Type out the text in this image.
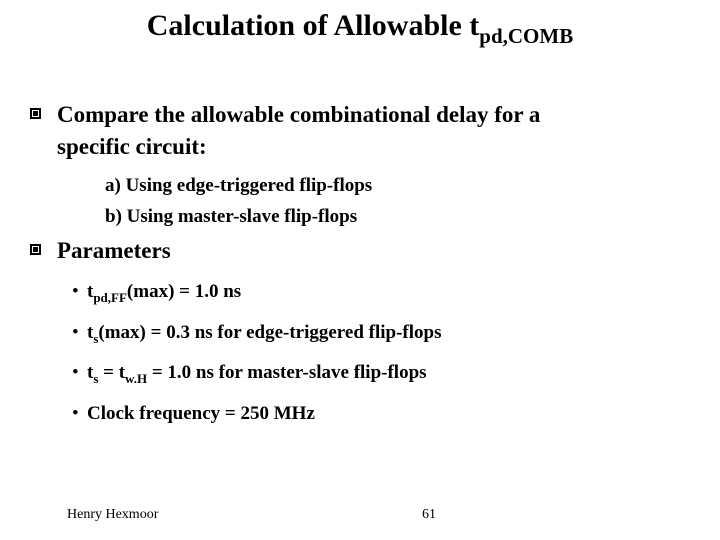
Calculation of Allowable $t_{pd,COMB}$
Compare the allowable combinational delay for a
specific circuit:
a) Using edge-triggered flip-flops
b) Using master-slave flip-flops
Parameters
• $t_{pd,FF}(\max) = 1.0$ ns
• $t_s(\max) = 0.3$ ns for edge-triggered flip-flops
• $t_s = t_{w.H} = 1.0$ ns for master-slave flip-flops
• Clock frequency = 250 MHz
Henry Hexmoor	61
